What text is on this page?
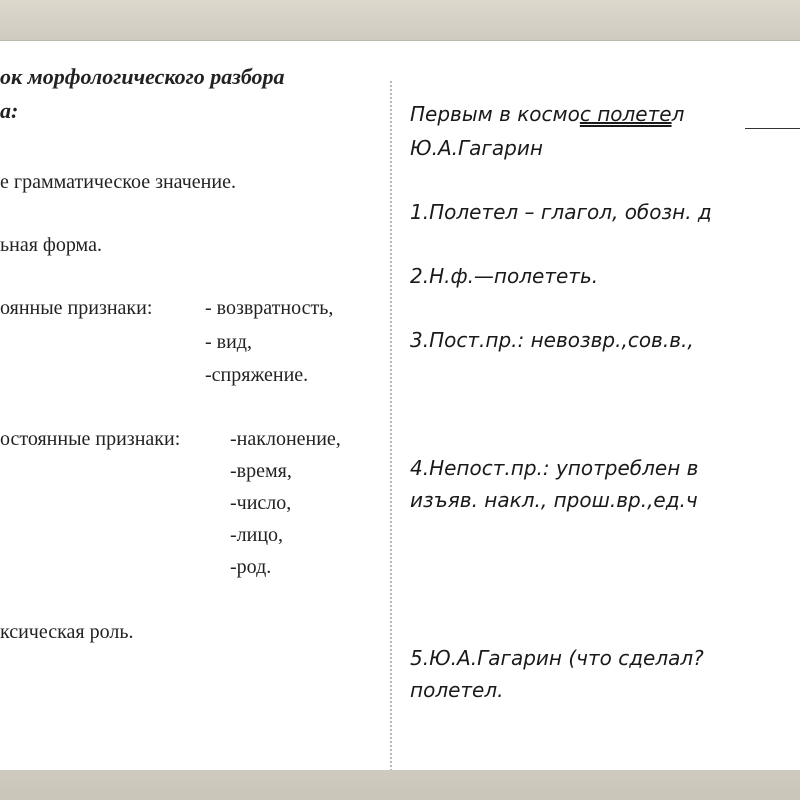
ок морфологического разбора
а:
е грамматическое значение.
ьная форма.
оянные признаки:	- возвратность,
- вид,
-спряжение.
остоянные признаки: -наклонение,
-время,
-число,
-лицо,
-род.
ксическая роль.
Первым в космос полетел
Ю.А.Гагарин
1.Полетел – глагол, обозн. д
2.Н.ф.—полететь.
3.Пост.пр.: невозвр.,сов.в.,
4.Непост.пр.: употреблен в
изъяв. накл., прош.вр.,ед.ч
5.Ю.А.Гагарин (что сделал?
полетел.
